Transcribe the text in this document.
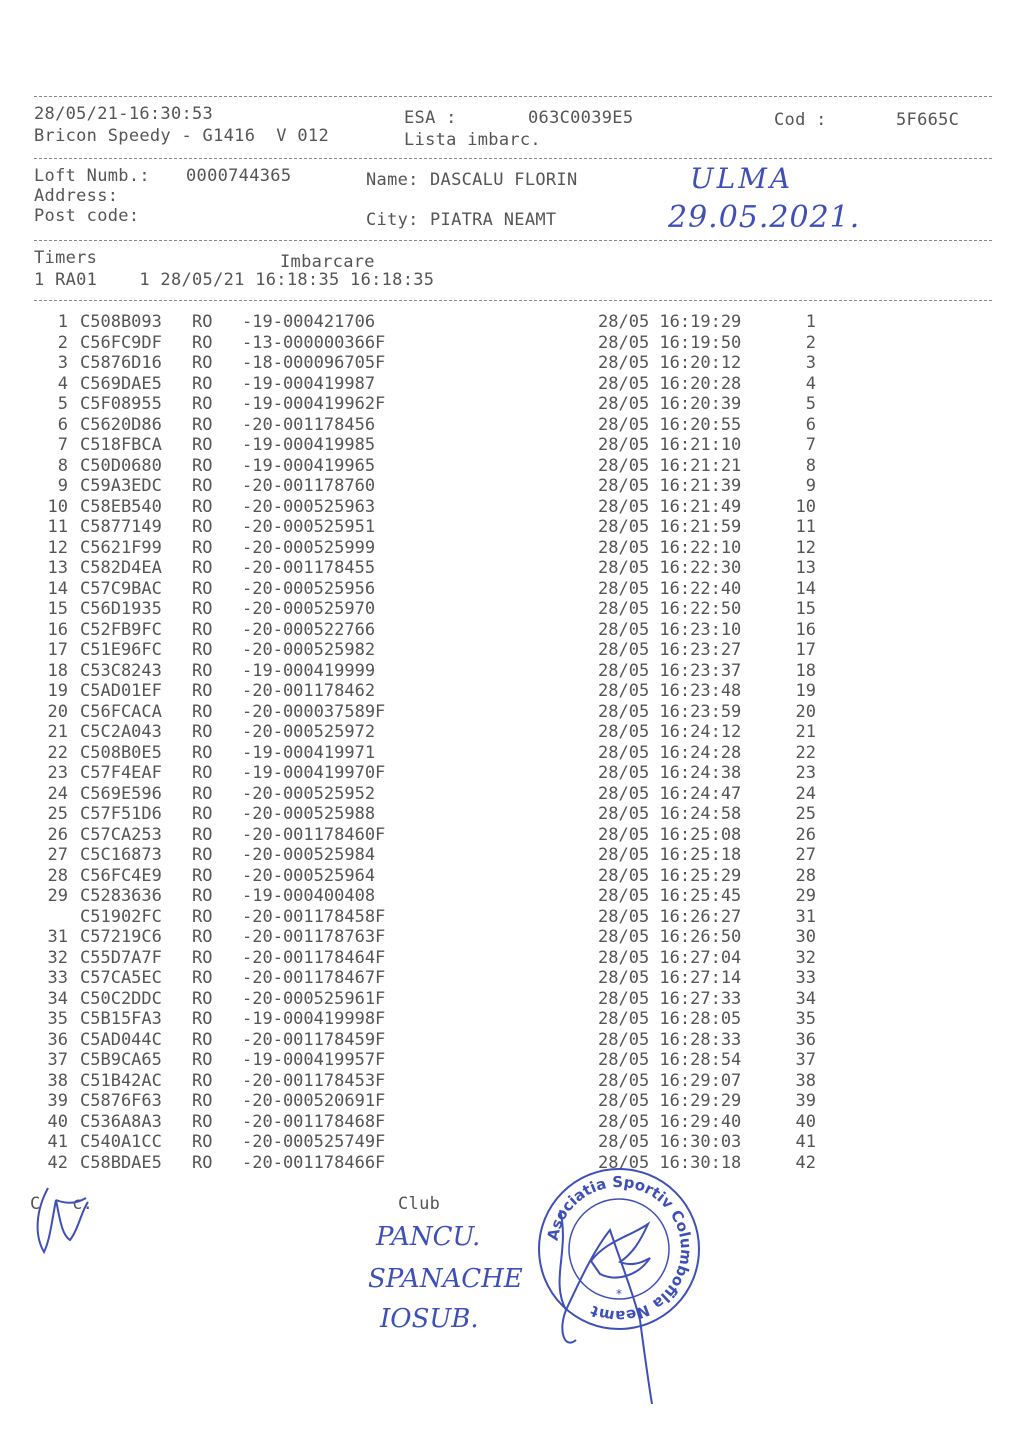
28/05/21-16:30:53	ESA :	063C0039E5	Cod :	5F665C
Bricon Speedy - G1416  V 012	Lista imbarc.
Loft Numb.: 0000744365	Name: DASCALU FLORIN
Address:
Post code:	City: PIATRA NEAMT
ULMA
29.05.2021.
Timers	Imbarcare
1 RA01    1 28/05/21 16:18:35 16:18:35
1 C508B093 RO -19-000421706	28/05 16:19:29	1
2 C56FC9DF RO -13-000000366F	28/05 16:19:50	2
3 C5876D16 RO -18-000096705F	28/05 16:20:12	3
4 C569DAE5 RO -19-000419987	28/05 16:20:28	4
5 C5F08955 RO -19-000419962F	28/05 16:20:39	5
6 C5620D86 RO -20-001178456	28/05 16:20:55	6
7 C518FBCA RO -19-000419985	28/05 16:21:10	7
8 C50D0680 RO -19-000419965	28/05 16:21:21	8
9 C59A3EDC RO -20-001178760	28/05 16:21:39	9
10 C58EB540 RO -20-000525963	28/05 16:21:49	10
11 C5877149 RO -20-000525951	28/05 16:21:59	11
12 C5621F99 RO -20-000525999	28/05 16:22:10	12
13 C582D4EA RO -20-001178455	28/05 16:22:30	13
14 C57C9BAC RO -20-000525956	28/05 16:22:40	14
15 C56D1935 RO -20-000525970	28/05 16:22:50	15
16 C52FB9FC RO -20-000522766	28/05 16:23:10	16
17 C51E96FC RO -20-000525982	28/05 16:23:27	17
18 C53C8243 RO -19-000419999	28/05 16:23:37	18
19 C5AD01EF RO -20-001178462	28/05 16:23:48	19
20 C56FCACA RO -20-000037589F	28/05 16:23:59	20
21 C5C2A043 RO -20-000525972	28/05 16:24:12	21
22 C508B0E5 RO -19-000419971	28/05 16:24:28	22
23 C57F4EAF RO -19-000419970F	28/05 16:24:38	23
24 C569E596 RO -20-000525952	28/05 16:24:47	24
25 C57F51D6 RO -20-000525988	28/05 16:24:58	25
26 C57CA253 RO -20-001178460F	28/05 16:25:08	26
27 C5C16873 RO -20-000525984	28/05 16:25:18	27
28 C56FC4E9 RO -20-000525964	28/05 16:25:29	28
29 C5283636 RO -19-000400408	28/05 16:25:45	29
C51902FC RO -20-001178458F	28/05 16:26:27	31
31 C57219C6 RO -20-001178763F	28/05 16:26:50	30
32 C55D7A7F RO -20-001178464F	28/05 16:27:04	32
33 C57CA5EC RO -20-001178467F	28/05 16:27:14	33
34 C50C2DDC RO -20-000525961F	28/05 16:27:33	34
35 C5B15FA3 RO -19-000419998F	28/05 16:28:05	35
36 C5AD044C RO -20-001178459F	28/05 16:28:33	36
37 C5B9CA65 RO -19-000419957F	28/05 16:28:54	37
38 C51B42AC RO -20-001178453F	28/05 16:29:07	38
39 C5876F63 RO -20-000520691F	28/05 16:29:29	39
40 C536A8A3 RO -20-001178468F	28/05 16:29:40	40
41 C540A1CC RO -20-000525749F	28/05 16:30:03	41
42 C58BDAE5 RO -20-001178466F	28/05 16:30:18	42
C   c.	Club
PANCU.
SPANACHE
IOSUB.
Asociatia Sportiv Columbofila Neamt
*
